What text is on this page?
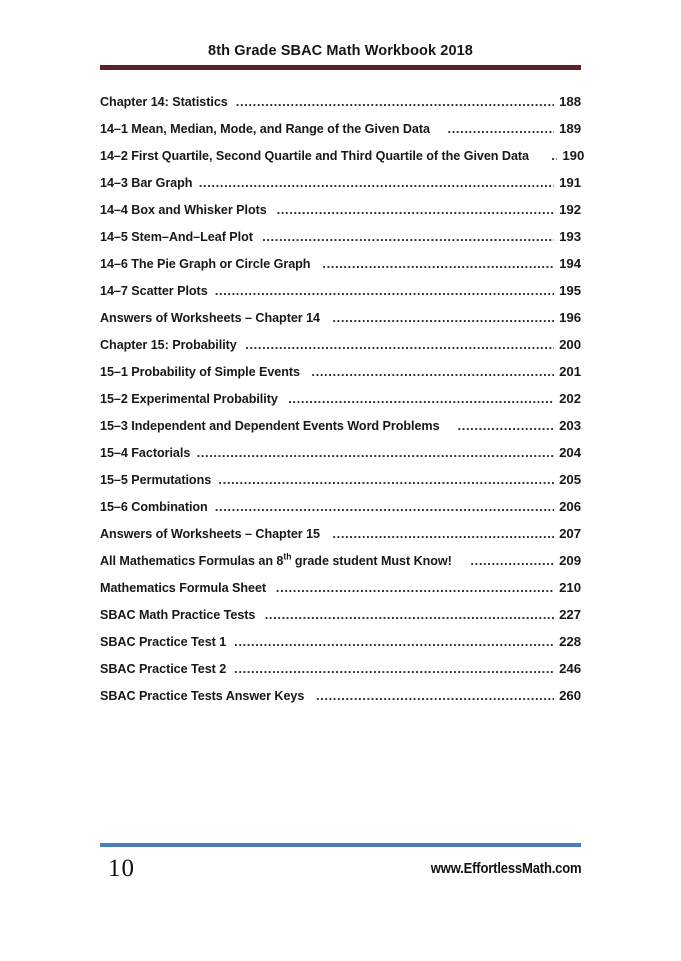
8th Grade SBAC Math Workbook 2018
Chapter 14: Statistics .....	188
14–1 Mean, Median, Mode, and Range of the Given Data .....	189
14–2 First Quartile, Second Quartile and Third Quartile of the Given Data .....	190
14–3 Bar Graph .....	191
14–4 Box and Whisker Plots .....	192
14–5 Stem–And–Leaf Plot .....	193
14–6 The Pie Graph or Circle Graph .....	194
14–7 Scatter Plots .....	195
Answers of Worksheets – Chapter 14 .....	196
Chapter 15: Probability .....	200
15–1 Probability of Simple Events .....	201
15–2 Experimental Probability .....	202
15–3 Independent and Dependent Events Word Problems .....	203
15–4 Factorials .....	204
15–5 Permutations .....	205
15–6 Combination .....	206
Answers of Worksheets – Chapter 15 .....	207
All Mathematics Formulas an 8th grade student Must Know! .....	209
Mathematics Formula Sheet .....	210
SBAC Math Practice Tests .....	227
SBAC Practice Test 1 .....	228
SBAC Practice Test 2 .....	246
SBAC Practice Tests Answer Keys .....	260
10	www.EffortlessMath.com
